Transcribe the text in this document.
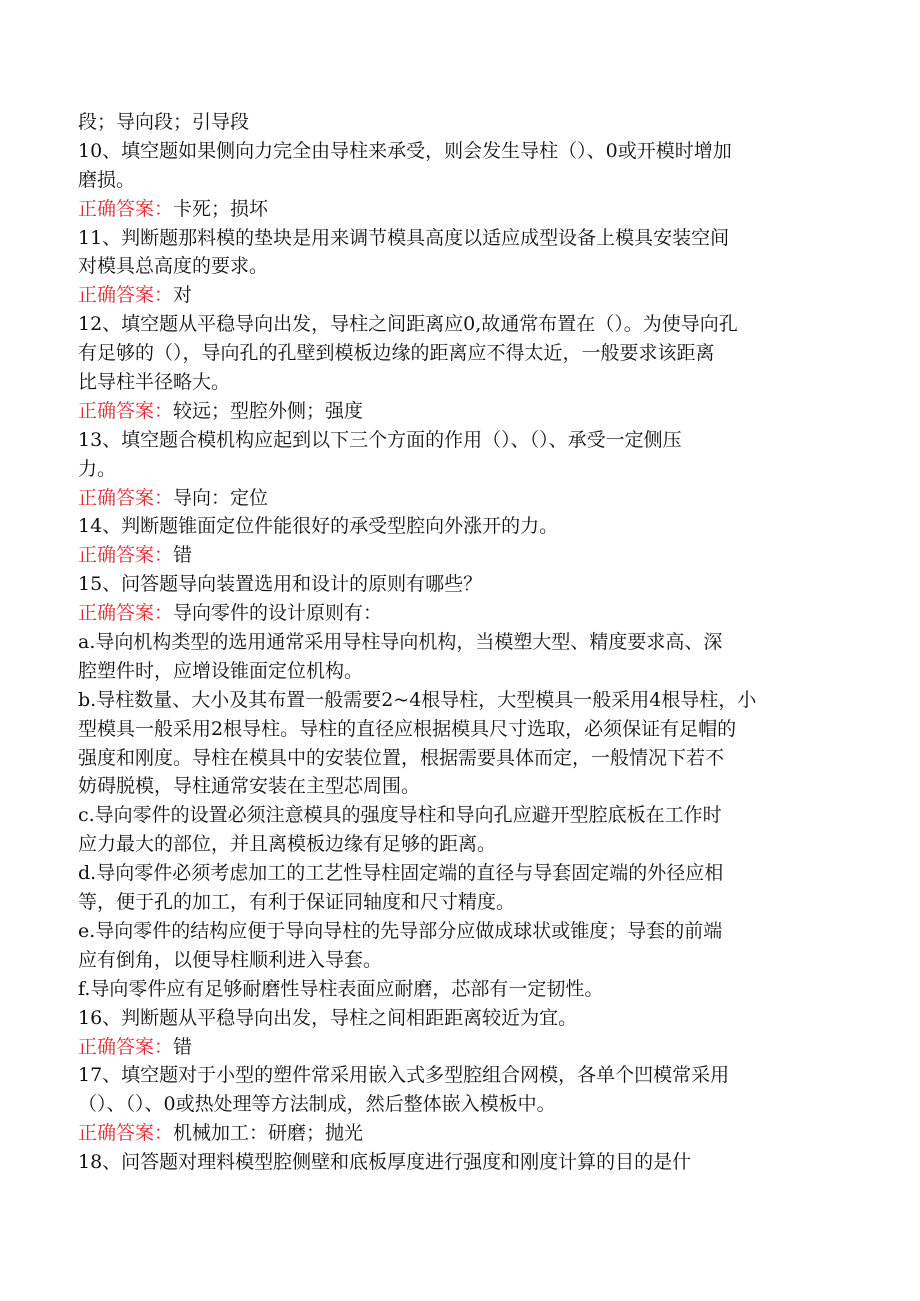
段；导向段；引导段
10、填空题如果侧向力完全由导柱来承受，则会发生导柱（）、0或开模时增加
磨损。
正确答案：卡死；损坏
11、判断题那料模的垫块是用来调节模具高度以适应成型设备上模具安装空间
对模具总高度的要求。
正确答案：对
12、填空题从平稳导向出发，导柱之间距离应0,故通常布置在（）。为使导向孔
有足够的（），导向孔的孔壁到模板边缘的距离应不得太近，一般要求该距离
比导柱半径略大。
正确答案：较远；型腔外侧；强度
13、填空题合模机构应起到以下三个方面的作用（）、（）、承受一定侧压
力。
正确答案：导向：定位
14、判断题锥面定位件能很好的承受型腔向外涨开的力。
正确答案：错
15、问答题导向装置选用和设计的原则有哪些？
正确答案：导向零件的设计原则有：
a.导向机构类型的选用通常采用导柱导向机构，当模塑大型、精度要求高、深
腔塑件时，应增设锥面定位机构。
b.导柱数量、大小及其布置一般需要2~4根导柱，大型模具一般采用4根导柱，小
型模具一般采用2根导柱。导柱的直径应根据模具尺寸选取，必须保证有足帽的
强度和刚度。导柱在模具中的安装位置，根据需要具体而定，一般情况下若不
妨碍脱模，导柱通常安装在主型芯周围。
c.导向零件的设置必须注意模具的强度导柱和导向孔应避开型腔底板在工作时
应力最大的部位，并且离模板边缘有足够的距离。
d.导向零件必须考虑加工的工艺性导柱固定端的直径与导套固定端的外径应相
等，便于孔的加工，有利于保证同轴度和尺寸精度。
e.导向零件的结构应便于导向导柱的先导部分应做成球状或锥度；导套的前端
应有倒角，以便导柱顺利进入导套。
f.导向零件应有足够耐磨性导柱表面应耐磨，芯部有一定韧性。
16、判断题从平稳导向出发，导柱之间相距距离较近为宜。
正确答案：错
17、填空题对于小型的塑件常采用嵌入式多型腔组合网模，各单个凹模常采用
（）、（）、0或热处理等方法制成，然后整体嵌入模板中。
正确答案：机械加工：研磨；抛光
18、问答题对理料模型腔侧壁和底板厚度进行强度和刚度计算的目的是什
